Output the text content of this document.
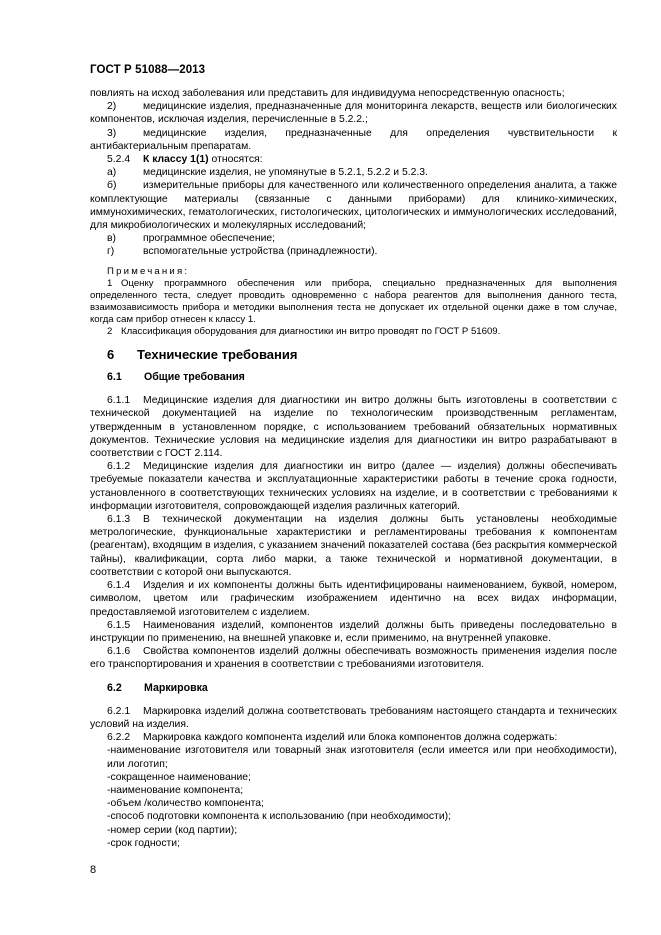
ГОСТ Р 51088—2013

повлиять на исход заболевания или представить для индивидуума непосредственную опасность;

2)	медицинские изделия, предназначенные для мониторинга лекарств, веществ или биологических компонентов, исключая изделия, перечисленные в 5.2.2.;

3)	медицинские изделия, предназначенные для определения чувствительности к антибактериальным препаратам.

5.2.4 К классу 1(1) относятся:

а)	медицинские изделия, не упомянутые в 5.2.1, 5.2.2 и 5.2.3.

б)	измерительные приборы для качественного или количественного определения аналита, а также комплектующие материалы (связанные с данными приборами) для клинико-химических, иммунохимических, гематологических, гистологических, цитологических и иммунологических исследований, для микробиологических и молекулярных исследований;

в)	программное обеспечение;

г)	вспомогательные устройства (принадлежности).

Примечания:

1 Оценку программного обеспечения или прибора, специально предназначенных для выполнения определенного теста, следует проводить одновременно с набора реагентов для выполнения данного теста, взаимозависимость прибора и методики выполнения теста не допускает их отдельной оценки даже в том случае, когда сам прибор отнесен к классу 1.

2 Классификация оборудования для диагностики ин витро проводят по ГОСТ Р 51609.

6 Технические требования
6.1 Общие требования

6.1.1 Медицинские изделия для диагностики ин витро должны быть изготовлены в соответствии с технической документацией на изделие по технологическим производственным регламентам, утвержденным в установленном порядке, с использованием требований обязательных нормативных документов. Технические условия на медицинские изделия для диагностики ин витро разрабатывают в соответствии с ГОСТ 2.114.

6.1.2 Медицинские изделия для диагностики ин витро (далее — изделия) должны обеспечивать требуемые показатели качества и эксплуатационные характеристики работы в течение срока годности, установленного в соответствующих технических условиях на изделие, и в соответствии с требованиями к информации изготовителя, сопровождающей изделия различных категорий.

6.1.3 В технической документации на изделия должны быть установлены необходимые метрологические, функциональные характеристики и регламентированы требования к компонентам (реагентам), входящим в изделия, с указанием значений показателей состава (без раскрытия коммерческой тайны), квалификации, сорта либо марки, а также технической и нормативной документации, в соответствии с которой они выпускаются.

6.1.4 Изделия и их компоненты должны быть идентифицированы наименованием, буквой, номером, символом, цветом или графическим изображением идентично на всех видах информации, предоставляемой изготовителем с изделием.

6.1.5 Наименования изделий, компонентов изделий должны быть приведены последовательно в инструкции по применению, на внешней упаковке и, если применимо, на внутренней упаковке.

6.1.6 Свойства компонентов изделий должны обеспечивать возможность применения изделия после его транспортирования и хранения в соответствии с требованиями изготовителя.

6.2 Маркировка

6.2.1 Маркировка изделий должна соответствовать требованиям настоящего стандарта и технических условий на изделия.

6.2.2 Маркировка каждого компонента изделий или блока компонентов должна содержать:

-наименование изготовителя или товарный знак изготовителя (если имеется или при необходимости), или логотип;

-сокращенное наименование;

-наименование компонента;

-объем /количество компонента;

-способ подготовки компонента к использованию (при необходимости);

-номер серии (код партии);

-срок годности;

8
